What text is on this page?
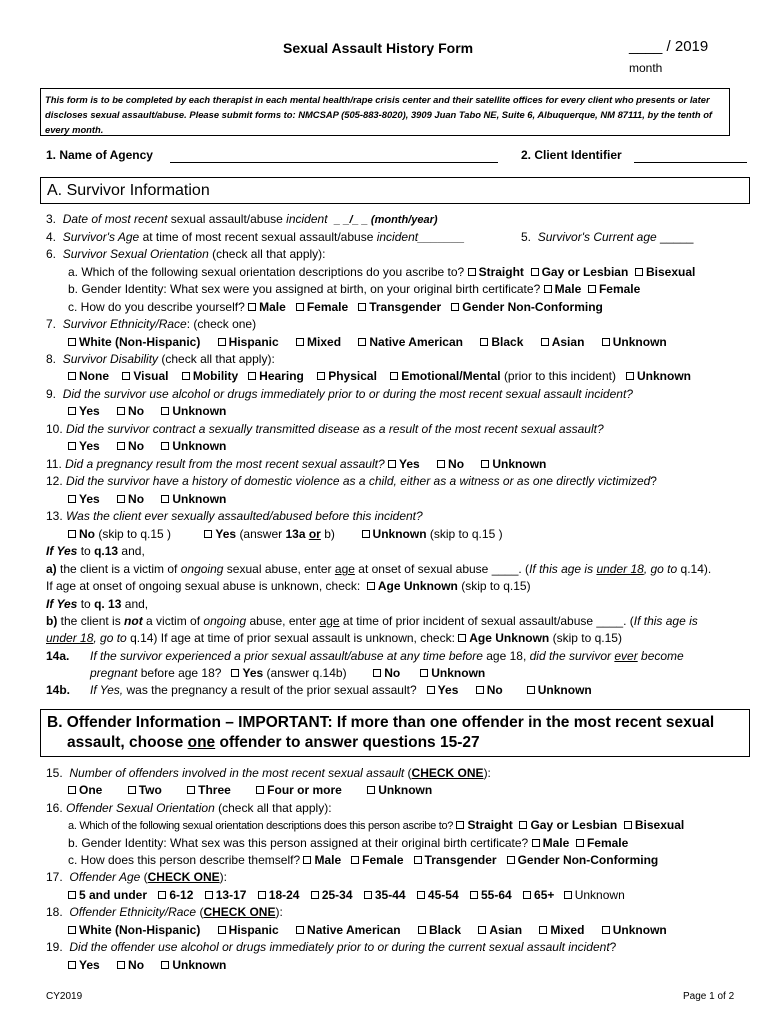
Sexual Assault History Form	____ / 2019
month
This form is to be completed by each therapist in each mental health/rape crisis center and their satellite offices for every client who presents or later discloses sexual assault/abuse. Please submit forms to: NMCSAP (505-883-8020), 3909 Juan Tabo NE, Suite 6, Albuquerque, NM 87111, by the tenth of every month.
1. Name of Agency	2. Client Identifier
A. Survivor Information
3. Date of most recent sexual assault/abuse incident _ _/_ _ (month/year)
4. Survivor's Age at time of most recent sexual assault/abuse incident_______	5. Survivor's Current age _____
6. Survivor Sexual Orientation (check all that apply):
a. Which of the following sexual orientation descriptions do you ascribe to? Straight Gay or Lesbian Bisexual
b. Gender Identity: What sex were you assigned at birth, on your original birth certificate? Male Female
c. How do you describe yourself? Male Female Transgender Gender Non-Conforming
7. Survivor Ethnicity/Race: (check one)
White (Non-Hispanic) Hispanic Mixed Native American Black Asian Unknown
8. Survivor Disability (check all that apply):
None Visual Mobility Hearing Physical Emotional/Mental (prior to this incident) Unknown
9. Did the survivor use alcohol or drugs immediately prior to or during the most recent sexual assault incident?
Yes No Unknown
10. Did the survivor contract a sexually transmitted disease as a result of the most recent sexual assault?
Yes No Unknown
11. Did a pregnancy result from the most recent sexual assault? Yes No Unknown
12. Did the survivor have a history of domestic violence as a child, either as a witness or as one directly victimized?
Yes No Unknown
13. Was the client ever sexually assaulted/abused before this incident?
No (skip to q.15 )	Yes (answer 13a or b)	Unknown (skip to q.15 )
If Yes to q.13 and,
a) the client is a victim of ongoing sexual abuse, enter age at onset of sexual abuse ____. (If this age is under 18, go to q.14).
If age at onset of ongoing sexual abuse is unknown, check: Age Unknown (skip to q.15)
If Yes to q. 13 and,
b) the client is not a victim of ongoing abuse, enter age at time of prior incident of sexual assault/abuse ____. (If this age is
under 18, go to q.14) If age at time of prior sexual assault is unknown, check: Age Unknown (skip to q.15)
14a. If the survivor experienced a prior sexual assault/abuse at any time before age 18, did the survivor ever become
pregnant before age 18? Yes (answer q.14b)	No	Unknown
14b. If Yes, was the pregnancy a result of the prior sexual assault? Yes No	Unknown
B. Offender Information – IMPORTANT: If more than one offender in the most recent sexual
assault, choose one offender to answer questions 15-27
15. Number of offenders involved in the most recent sexual assault (CHECK ONE):
One	Two	Three	Four or more	Unknown
16. Offender Sexual Orientation (check all that apply):
a. Which of the following sexual orientation descriptions does this person ascribe to? Straight Gay or Lesbian Bisexual
b. Gender Identity: What sex was this person assigned at their original birth certificate? Male Female
c. How does this person describe themself? Male Female Transgender Gender Non-Conforming
17. Offender Age (CHECK ONE):
5 and under 6-12 13-17 18-24 25-34 35-44 45-54 55-64 65+ Unknown
18. Offender Ethnicity/Race (CHECK ONE):
White (Non-Hispanic) Hispanic Native American Black Asian Mixed Unknown
19. Did the offender use alcohol or drugs immediately prior to or during the current sexual assault incident?
Yes No Unknown
CY2019	Page 1 of 2
